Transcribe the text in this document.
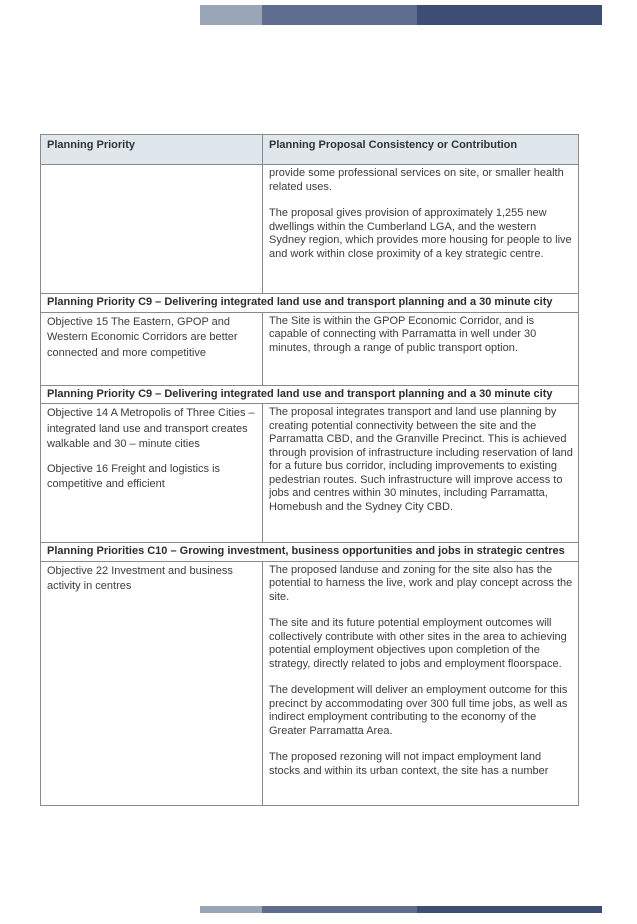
Planning Priority	Planning Proposal Consistency or Contribution

	provide some professional services on site, or smaller health related uses.

The proposal gives provision of approximately 1,255 new dwellings within the Cumberland LGA, and the western Sydney region, which provides more housing for people to live and work within close proximity of a key strategic centre.

Planning Priority C9 – Delivering integrated land use and transport planning and a 30 minute city	

Objective 15 The Eastern, GPOP and Western Economic Corridors are better connected and more competitive	The Site is within the GPOP Economic Corridor, and is capable of connecting with Parramatta in well under 30 minutes, through a range of public transport option.
Planning Priority C9 – Delivering integrated land use and transport planning and a 30 minute city	

Objective 14 A Metropolis of Three Cities – integrated land use and transport creates walkable and 30 – minute cities

Objective 16 Freight and logistics is competitive and efficient	The proposal integrates transport and land use planning by creating potential connectivity between the site and the Parramatta CBD, and the Granville Precinct. This is achieved through provision of infrastructure including reservation of land for a future bus corridor, including improvements to existing pedestrian routes. Such infrastructure will improve access to jobs and centres within 30 minutes, including Parramatta, Homebush and the Sydney City CBD.
Planning Priorities C10 – Growing investment, business opportunities and jobs in strategic centres	

Objective 22 Investment and business activity in centres	The proposed landuse and zoning for the site also has the potential to harness the live, work and play concept across the site.

The site and its future potential employment outcomes will collectively contribute with other sites in the area to achieving potential employment objectives upon completion of the strategy, directly related to jobs and employment floorspace.

The development will deliver an employment outcome for this precinct by accommodating over 300 full time jobs, as well as indirect employment contributing to the economy of the Greater Parramatta Area.

The proposed rezoning will not impact employment land stocks and within its urban context, the site has a number
